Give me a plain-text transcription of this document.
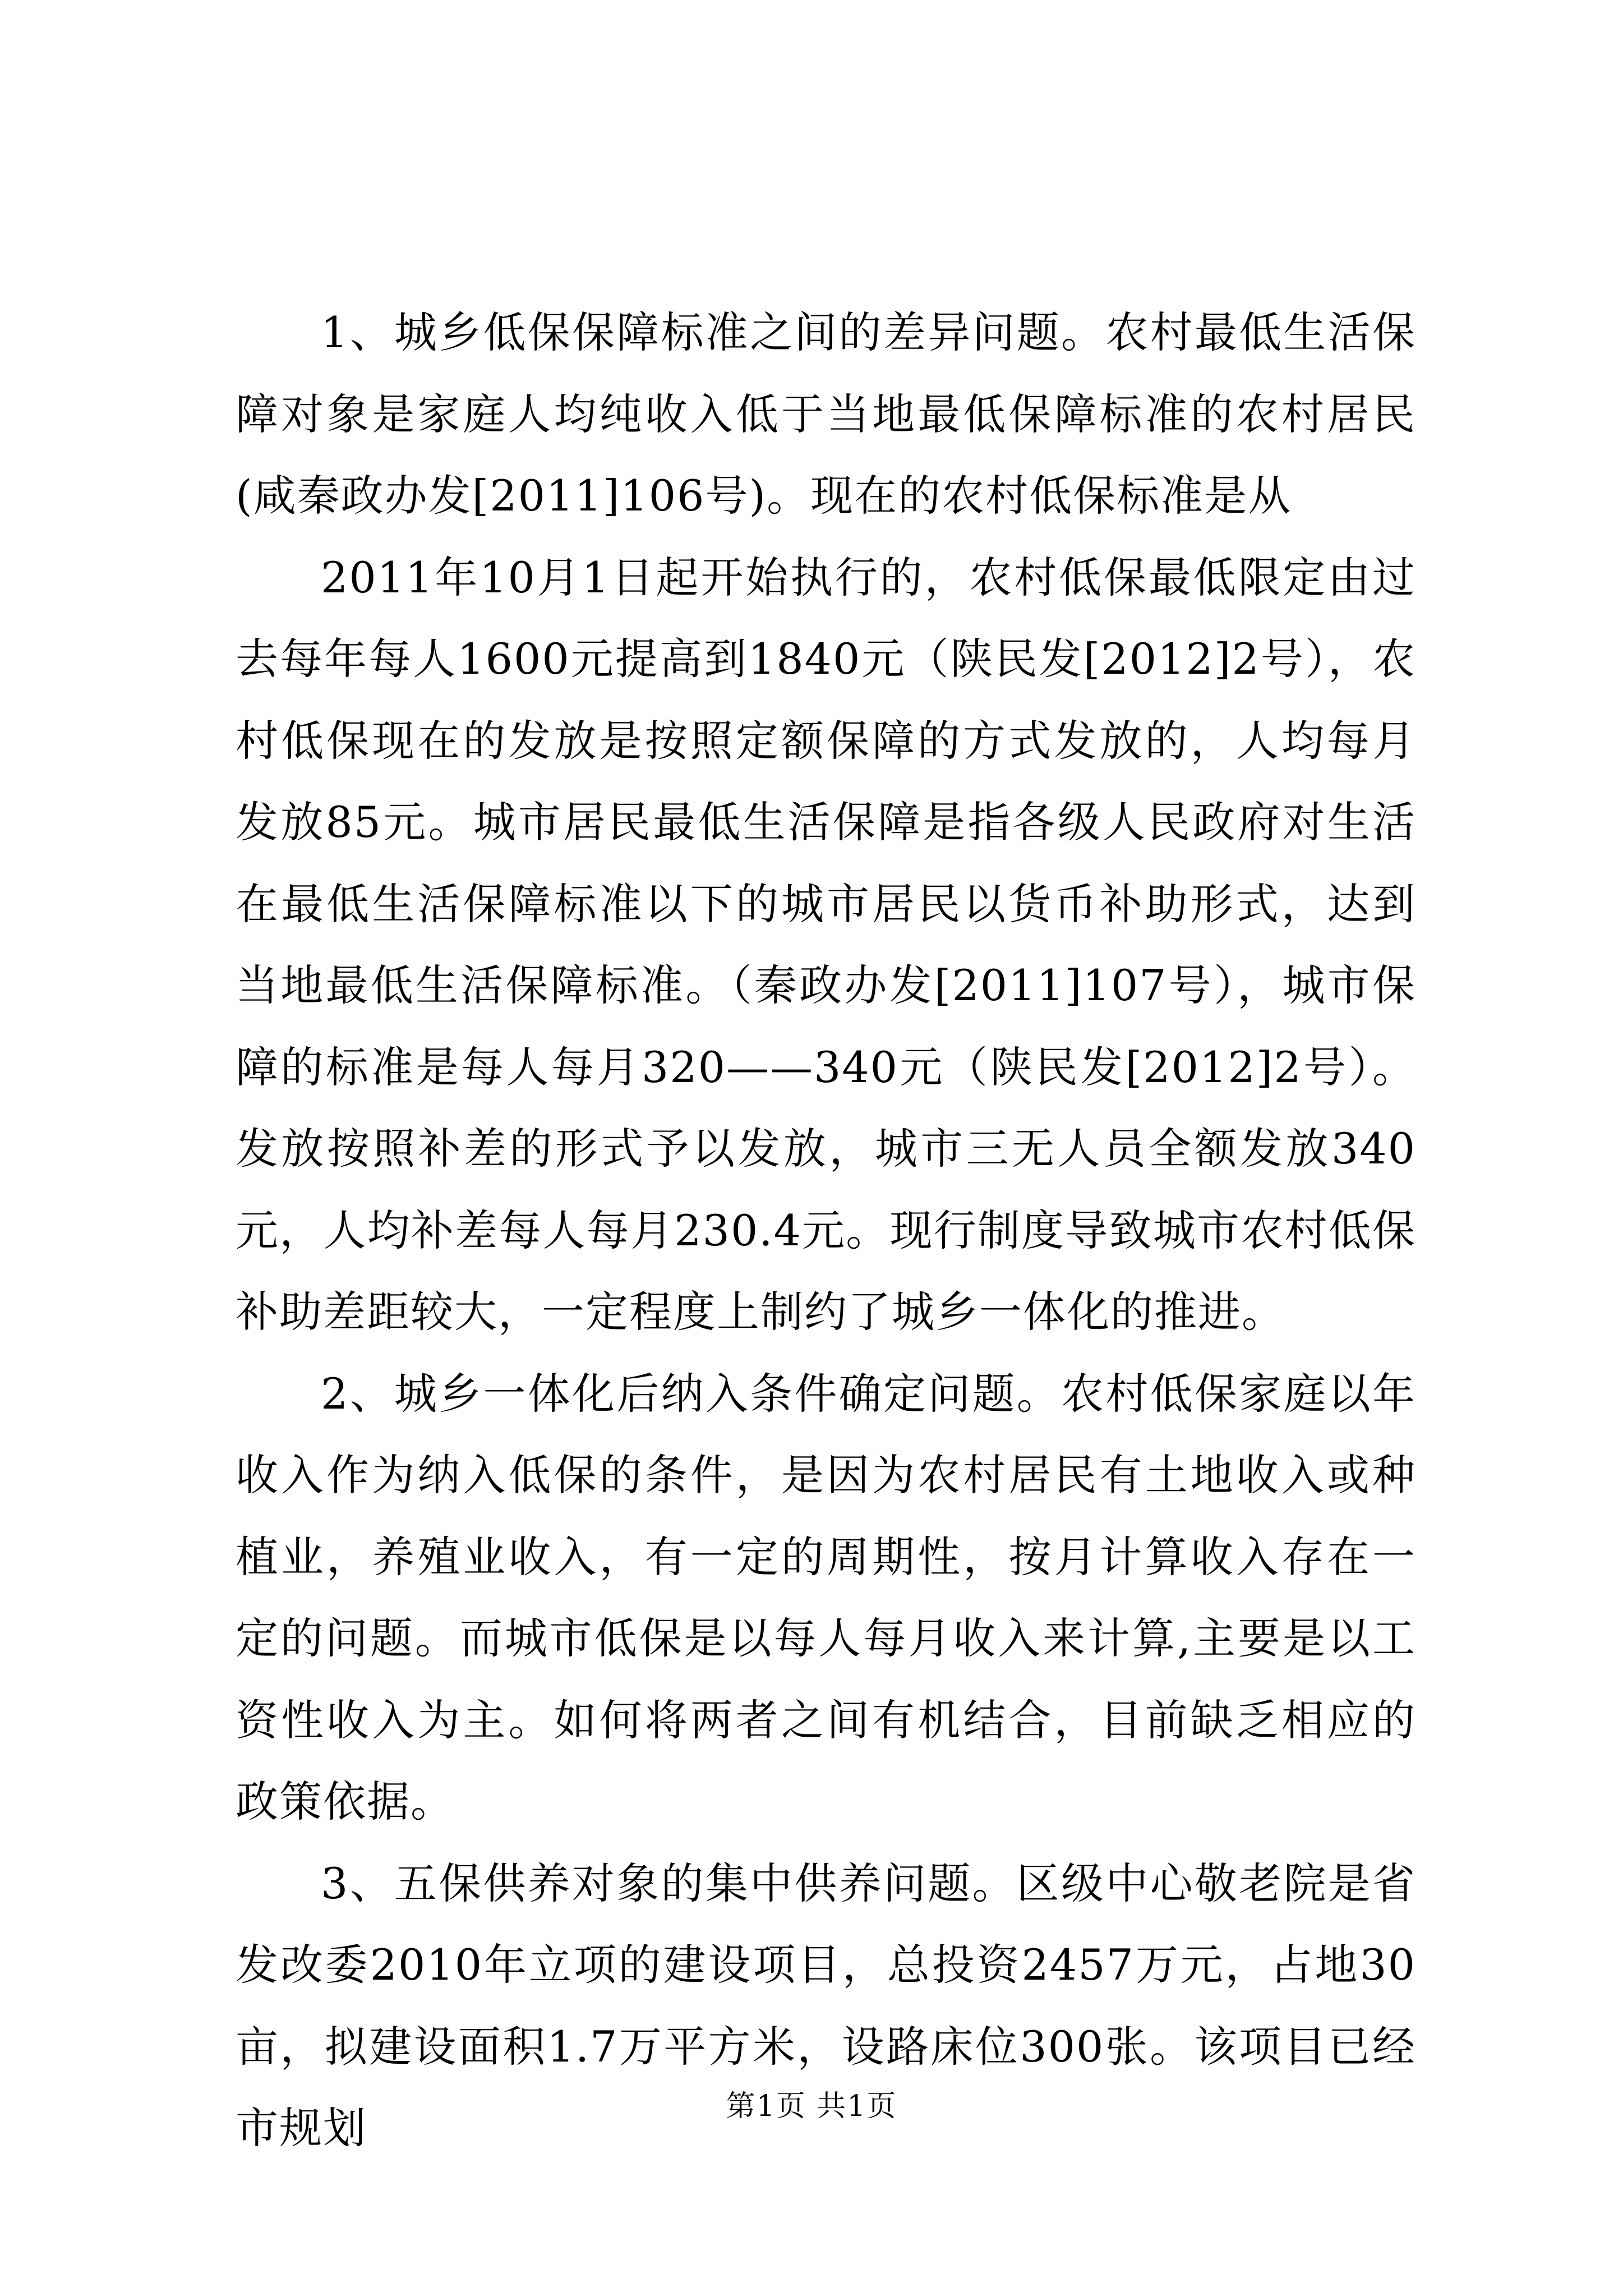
1、城乡低保保障标准之间的差异问题。农村最低生活保障对象是家庭人均纯收入低于当地最低保障标准的农村居民(咸秦政办发[2011]106号)。现在的农村低保标准是从

2011年10月1日起开始执行的，农村低保最低限定由过去每年每人1600元提高到1840元（陕民发[2012]2号），农村低保现在的发放是按照定额保障的方式发放的，人均每月发放85元。城市居民最低生活保障是指各级人民政府对生活在最低生活保障标准以下的城市居民以货币补助形式，达到当地最低生活保障标准。（秦政办发[2011]107号），城市保障的标准是每人每月320——340元（陕民发[2012]2号）。发放按照补差的形式予以发放，城市三无人员全额发放340元，人均补差每人每月230.4元。现行制度导致城市农村低保补助差距较大，一定程度上制约了城乡一体化的推进。

2、城乡一体化后纳入条件确定问题。农村低保家庭以年收入作为纳入低保的条件，是因为农村居民有土地收入或种植业，养殖业收入，有一定的周期性，按月计算收入存在一定的问题。而城市低保是以每人每月收入来计算,主要是以工资性收入为主。如何将两者之间有机结合，目前缺乏相应的政策依据。

3、五保供养对象的集中供养问题。区级中心敬老院是省发改委2010年立项的建设项目，总投资2457万元，占地30亩，拟建设面积1.7万平方米，设路床位300张。该项目已经市规划	第1页 共1页
